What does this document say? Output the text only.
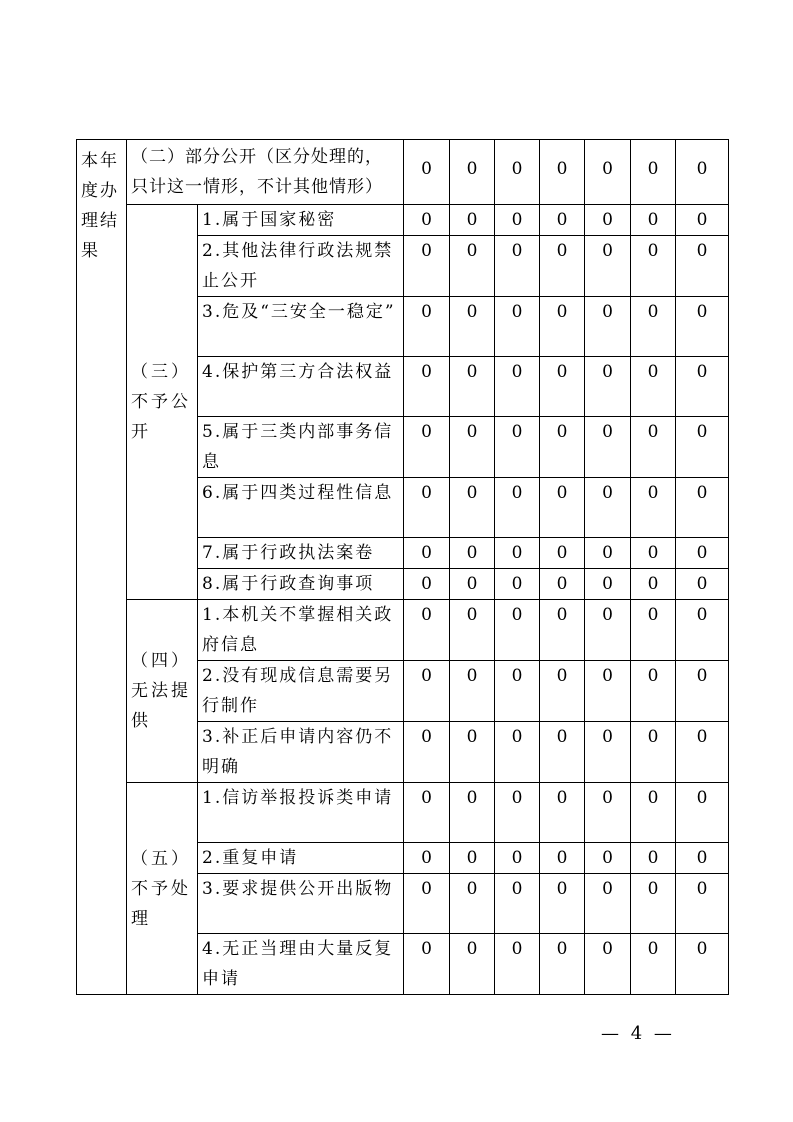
本年度办理结果	（二）部分公开（区分处理的，只计这一情形，不计其他情形）		0	0	0	0	0	0	0
	（三）不予公开	1.属于国家秘密	0	0	0	0	0	0	0
		2.其他法律行政法规禁止公开	0	0	0	0	0	0	0
		3.危及“三安全一稳定”	0	0	0	0	0	0	0
		4.保护第三方合法权益	0	0	0	0	0	0	0
		5.属于三类内部事务信息	0	0	0	0	0	0	0
		6.属于四类过程性信息	0	0	0	0	0	0	0
		7.属于行政执法案卷	0	0	0	0	0	0	0
		8.属于行政查询事项	0	0	0	0	0	0	0
	（四）无法提供	1.本机关不掌握相关政府信息	0	0	0	0	0	0	0
		2.没有现成信息需要另行制作	0	0	0	0	0	0	0
		3.补正后申请内容仍不明确	0	0	0	0	0	0	0
	（五）不予处理	1.信访举报投诉类申请	0	0	0	0	0	0	0
		2.重复申请	0	0	0	0	0	0	0
		3.要求提供公开出版物	0	0	0	0	0	0	0
		4.无正当理由大量反复申请	0	0	0	0	0	0	0
— 4 —
